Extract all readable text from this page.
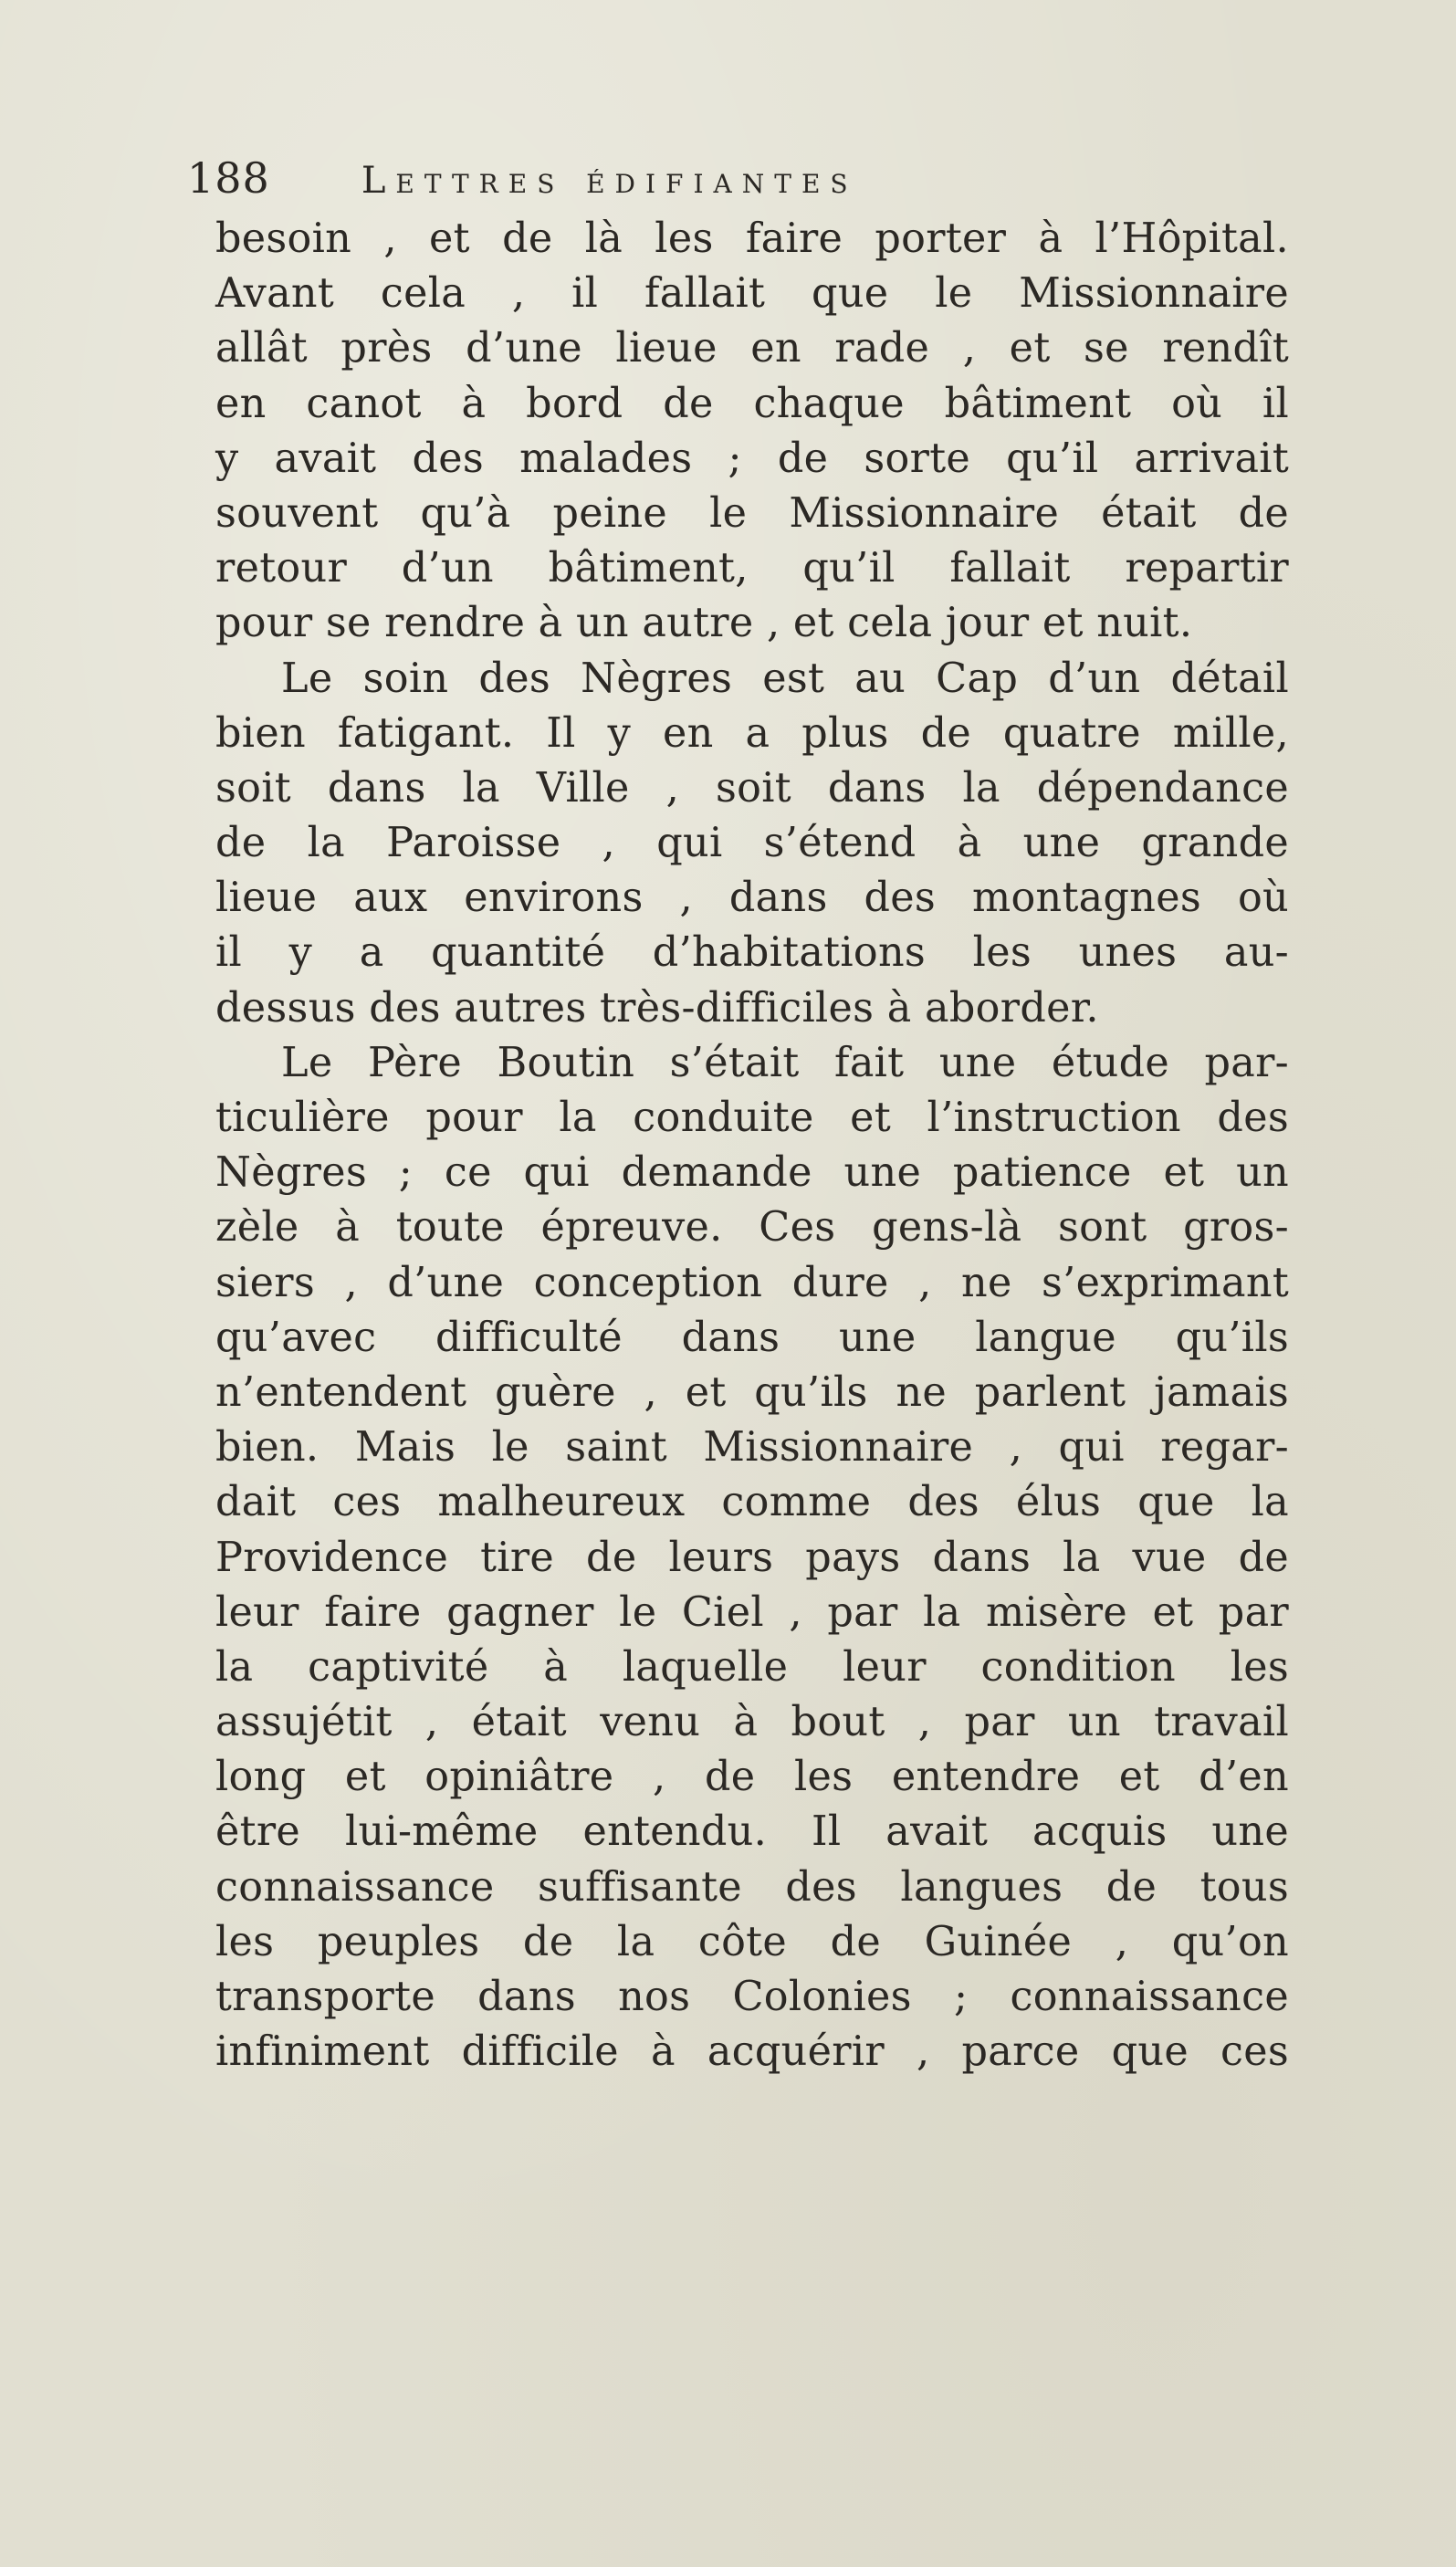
188	Lettres édifiantes
besoin , et de là les faire porter à l’Hôpital.
Avant cela , il fallait que le Missionnaire
allât près d’une lieue en rade , et se rendît
en canot à bord de chaque bâtiment où il
y avait des malades ; de sorte qu’il arrivait
souvent qu’à peine le Missionnaire était de
retour d’un bâtiment, qu’il fallait repartir
pour se rendre à un autre , et cela jour et nuit.
Le soin des Nègres est au Cap d’un détail
bien fatigant. Il y en a plus de quatre mille,
soit dans la Ville , soit dans la dépendance
de la Paroisse , qui s’étend à une grande
lieue aux environs , dans des montagnes où
il y a quantité d’habitations les unes au-
dessus des autres très-difficiles à aborder.
Le Père Boutin s’était fait une étude par-
ticulière pour la conduite et l’instruction des
Nègres ; ce qui demande une patience et un
zèle à toute épreuve. Ces gens-là sont gros-
siers , d’une conception dure , ne s’exprimant
qu’avec difficulté dans une langue qu’ils
n’entendent guère , et qu’ils ne parlent jamais
bien. Mais le saint Missionnaire , qui regar-
dait ces malheureux comme des élus que la
Providence tire de leurs pays dans la vue de
leur faire gagner le Ciel , par la misère et par
la captivité à laquelle leur condition les
assujétit , était venu à bout , par un travail
long et opiniâtre , de les entendre et d’en
être lui-même entendu. Il avait acquis une
connaissance suffisante des langues de tous
les peuples de la côte de Guinée , qu’on
transporte dans nos Colonies ; connaissance
infiniment difficile à acquérir , parce que ces
